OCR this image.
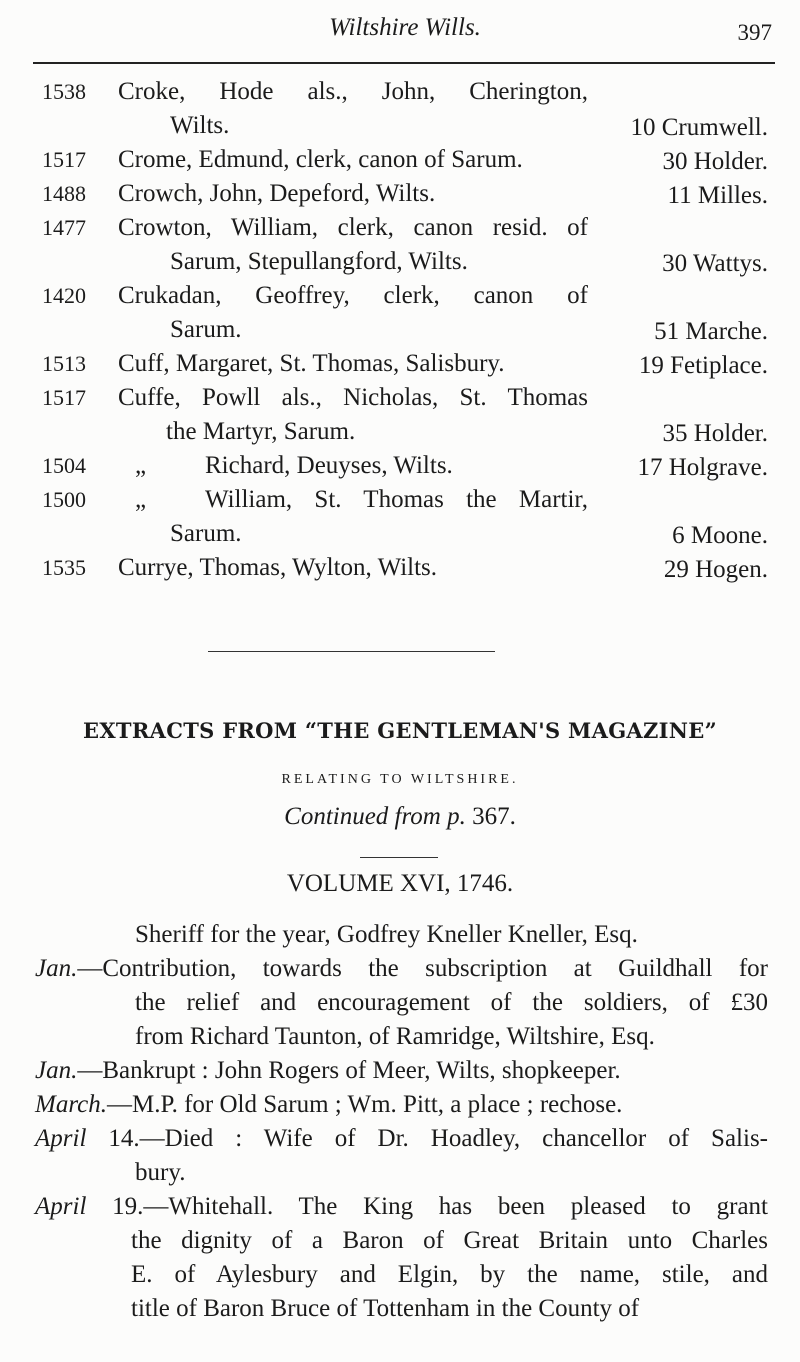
Wiltshire Wills.	397
1538 Croke, Hode als., John, Cherington,
Wilts.	10 Crumwell.
1517 Crome, Edmund, clerk, canon of Sarum.	30 Holder.
1488 Crowch, John, Depeford, Wilts.	11 Milles.
1477 Crowton, William, clerk, canon resid. of
Sarum, Stepullangford, Wilts.	30 Wattys.
1420 Crukadan, Geoffrey, clerk, canon of
Sarum.	51 Marche.
1513 Cuff, Margaret, St. Thomas, Salisbury.	19 Fetiplace.
1517 Cuffe, Powll als., Nicholas, St. Thomas
the Martyr, Sarum.	35 Holder.
1504 „ Richard, Deuyses, Wilts.	17 Holgrave.
1500 „ William, St. Thomas the Martir,
Sarum.	6 Moone.
1535 Currye, Thomas, Wylton, Wilts.	29 Hogen.
EXTRACTS FROM “THE GENTLEMAN'S MAGAZINE”
RELATING TO WILTSHIRE.
Continued from p. 367.
VOLUME XVI, 1746.
Sheriff for the year, Godfrey Kneller Kneller, Esq.
Jan.—Contribution, towards the subscription at Guildhall for
the relief and encouragement of the soldiers, of £30
from Richard Taunton, of Ramridge, Wiltshire, Esq.
Jan.—Bankrupt : John Rogers of Meer, Wilts, shopkeeper.
March.—M.P. for Old Sarum ; Wm. Pitt, a place ; rechose.
April 14.—Died : Wife of Dr. Hoadley, chancellor of Salis-
bury.
April 19.—Whitehall. The King has been pleased to grant
the dignity of a Baron of Great Britain unto Charles
E. of Aylesbury and Elgin, by the name, stile, and
title of Baron Bruce of Tottenham in the County of
